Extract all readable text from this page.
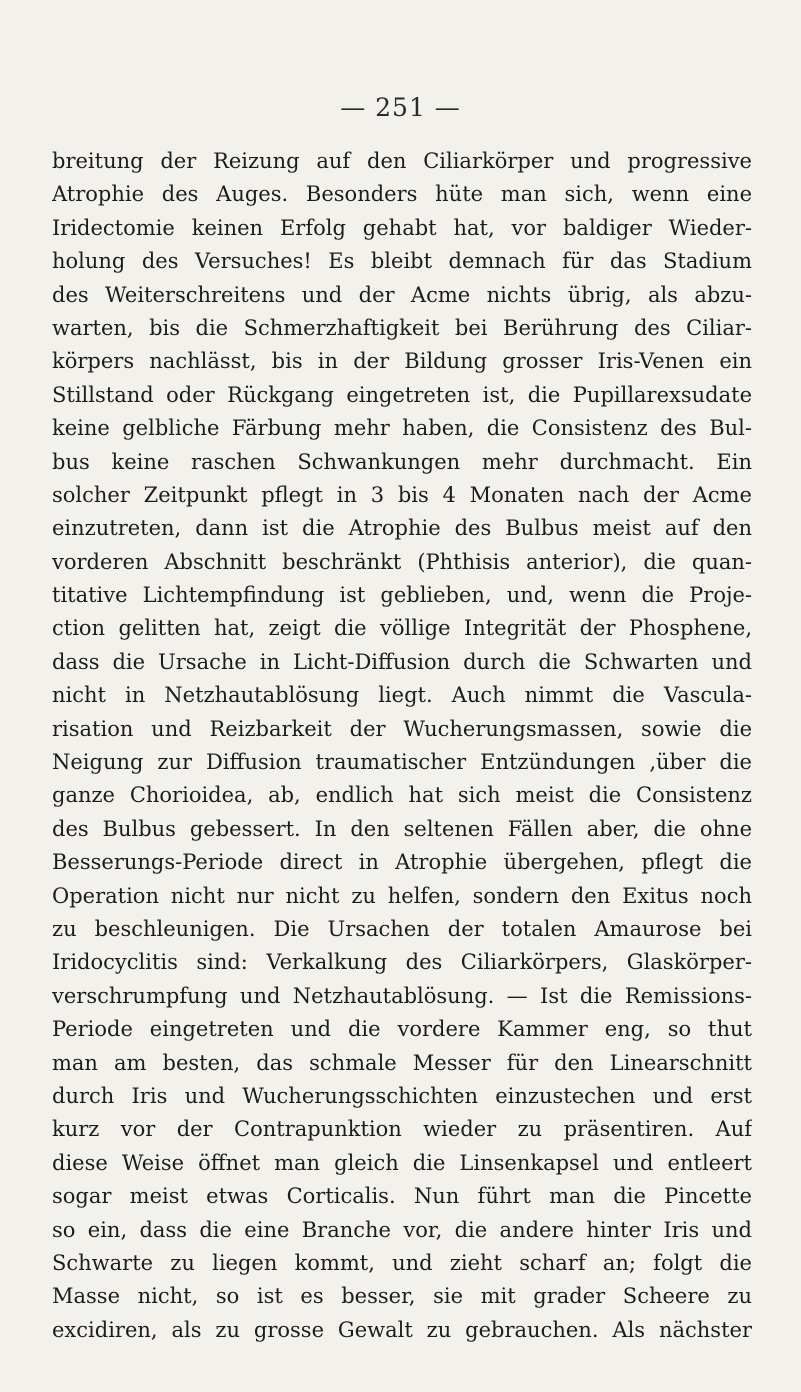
— 251 —
breitung der Reizung auf den Ciliarkörper und progressive
Atrophie des Auges. Besonders hüte man sich, wenn eine
Iridectomie keinen Erfolg gehabt hat, vor baldiger Wieder-
holung des Versuches! Es bleibt demnach für das Stadium
des Weiterschreitens und der Acme nichts übrig, als abzu-
warten, bis die Schmerzhaftigkeit bei Berührung des Ciliar-
körpers nachlässt, bis in der Bildung grosser Iris-Venen ein
Stillstand oder Rückgang eingetreten ist, die Pupillarexsudate
keine gelbliche Färbung mehr haben, die Consistenz des Bul-
bus keine raschen Schwankungen mehr durchmacht. Ein
solcher Zeitpunkt pflegt in 3 bis 4 Monaten nach der Acme
einzutreten, dann ist die Atrophie des Bulbus meist auf den
vorderen Abschnitt beschränkt (Phthisis anterior), die quan-
titative Lichtempfindung ist geblieben, und, wenn die Proje-
ction gelitten hat, zeigt die völlige Integrität der Phosphene,
dass die Ursache in Licht-Diffusion durch die Schwarten und
nicht in Netzhautablösung liegt. Auch nimmt die Vascula-
risation und Reizbarkeit der Wucherungsmassen, sowie die
Neigung zur Diffusion traumatischer Entzündungen ,über die
ganze Chorioidea, ab, endlich hat sich meist die Consistenz
des Bulbus gebessert. In den seltenen Fällen aber, die ohne
Besserungs-Periode direct in Atrophie übergehen, pflegt die
Operation nicht nur nicht zu helfen, sondern den Exitus noch
zu beschleunigen. Die Ursachen der totalen Amaurose bei
Iridocyclitis sind: Verkalkung des Ciliarkörpers, Glaskörper-
verschrumpfung und Netzhautablösung. — Ist die Remissions-
Periode eingetreten und die vordere Kammer eng, so thut
man am besten, das schmale Messer für den Linearschnitt
durch Iris und Wucherungsschichten einzustechen und erst
kurz vor der Contrapunktion wieder zu präsentiren. Auf
diese Weise öffnet man gleich die Linsenkapsel und entleert
sogar meist etwas Corticalis. Nun führt man die Pincette
so ein, dass die eine Branche vor, die andere hinter Iris und
Schwarte zu liegen kommt, und zieht scharf an; folgt die
Masse nicht, so ist es besser, sie mit grader Scheere zu
excidiren, als zu grosse Gewalt zu gebrauchen. Als nächster
